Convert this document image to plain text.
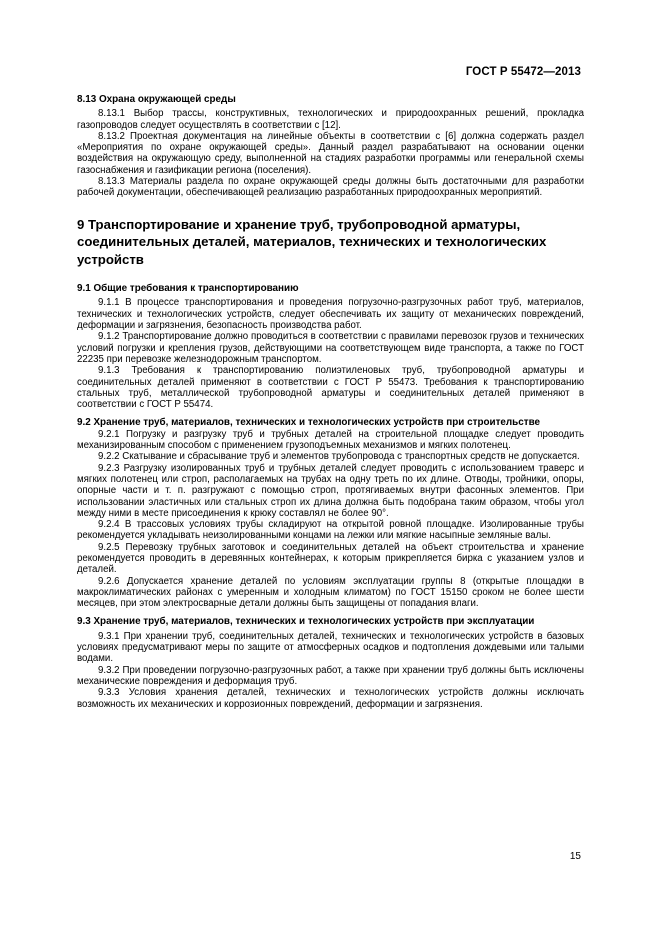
ГОСТ Р 55472—2013
8.13 Охрана окружающей среды

8.13.1 Выбор трассы, конструктивных, технологических и природоохранных решений, прокладка газопроводов следует осуществлять в соответствии с [12].

8.13.2 Проектная документация на линейные объекты в соответствии с [6] должна содержать раздел «Мероприятия по охране окружающей среды». Данный раздел разрабатывают на основании оценки воздействия на окружающую среду, выполненной на стадиях разработки программы или генеральной схемы газоснабжения и газификации региона (поселения).

8.13.3 Материалы раздела по охране окружающей среды должны быть достаточными для разработки рабочей документации, обеспечивающей реализацию разработанных природоохранных мероприятий.

9 Транспортирование и хранение труб, трубопроводной арматуры, соединительных деталей, материалов, технических и технологических устройств
9.1 Общие требования к транспортированию

9.1.1 В процессе транспортирования и проведения погрузочно-разгрузочных работ труб, материалов, технических и технологических устройств, следует обеспечивать их защиту от механических повреждений, деформации и загрязнения, безопасность производства работ.

9.1.2 Транспортирование должно проводиться в соответствии с правилами перевозок грузов и технических условий погрузки и крепления грузов, действующими на соответствующем виде транспорта, а также по ГОСТ 22235 при перевозке железнодорожным транспортом.

9.1.3 Требования к транспортированию полиэтиленовых труб, трубопроводной арматуры и соединительных деталей применяют в соответствии с ГОСТ Р 55473. Требования к транспортированию стальных труб, металлической трубопроводной арматуры и соединительных деталей применяют в соответствии с ГОСТ Р 55474.

9.2 Хранение труб, материалов, технических и технологических устройств при строительстве

9.2.1 Погрузку и разгрузку труб и трубных деталей на строительной площадке следует проводить механизированным способом с применением грузоподъемных механизмов и мягких полотенец.

9.2.2 Скатывание и сбрасывание труб и элементов трубопровода с транспортных средств не допускается.

9.2.3 Разгрузку изолированных труб и трубных деталей следует проводить с использованием траверс и мягких полотенец или строп, располагаемых на трубах на одну треть по их длине. Отводы, тройники, опоры, опорные части и т. п. разгружают с помощью строп, протягиваемых внутри фасонных элементов. При использовании эластичных или стальных строп их длина должна быть подобрана таким образом, чтобы угол между ними в месте присоединения к крюку составлял не более 90°.

9.2.4 В трассовых условиях трубы складируют на открытой ровной площадке. Изолированные трубы рекомендуется укладывать неизолированными концами на лежки или мягкие насыпные земляные валы.

9.2.5 Перевозку трубных заготовок и соединительных деталей на объект строительства и хранение рекомендуется проводить в деревянных контейнерах, к которым прикрепляется бирка с указанием узлов и деталей.

9.2.6 Допускается хранение деталей по условиям эксплуатации группы 8 (открытые площадки в макроклиматических районах с умеренным и холодным климатом) по ГОСТ 15150 сроком не более шести месяцев, при этом электросварные детали должны быть защищены от попадания влаги.

9.3 Хранение труб, материалов, технических и технологических устройств при эксплуатации

9.3.1 При хранении труб, соединительных деталей, технических и технологических устройств в базовых условиях предусматривают меры по защите от атмосферных осадков и подтопления дождевыми или талыми водами.

9.3.2 При проведении погрузочно-разгрузочных работ, а также при хранении труб должны быть исключены механические повреждения и деформация труб.

9.3.3 Условия хранения деталей, технических и технологических устройств должны исключать возможность их механических и коррозионных повреждений, деформации и загрязнения.

15
